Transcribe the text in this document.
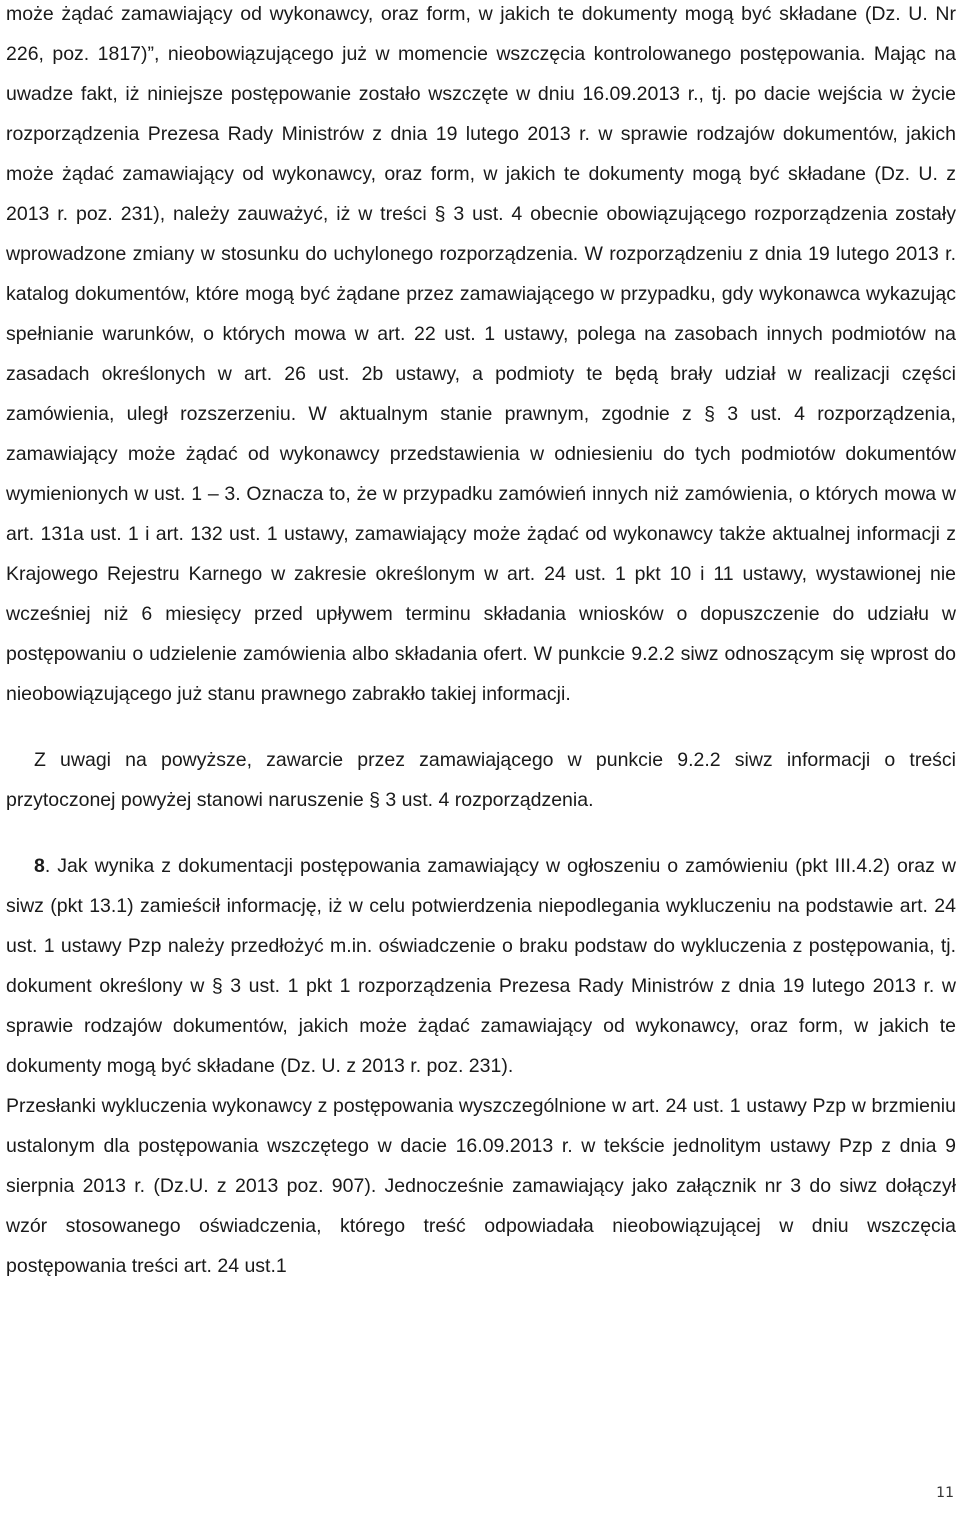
może żądać zamawiający od wykonawcy, oraz form, w jakich te dokumenty mogą być składane (Dz. U. Nr 226, poz. 1817)”, nieobowiązującego już w momencie wszczęcia kontrolowanego postępowania. Mając na uwadze fakt, iż niniejsze postępowanie zostało wszczęte w dniu 16.09.2013 r., tj. po dacie wejścia w życie rozporządzenia Prezesa Rady Ministrów z dnia 19 lutego 2013 r. w sprawie rodzajów dokumentów, jakich może żądać zamawiający od wykonawcy, oraz form, w jakich te dokumenty mogą być składane (Dz. U. z 2013 r. poz. 231), należy zauważyć, iż w treści § 3 ust. 4 obecnie obowiązującego rozporządzenia zostały wprowadzone zmiany w stosunku do uchylonego rozporządzenia. W rozporządzeniu z dnia 19 lutego 2013 r. katalog dokumentów, które mogą być żądane przez zamawiającego w przypadku, gdy wykonawca wykazując spełnianie warunków, o których mowa w art. 22 ust. 1 ustawy, polega na zasobach innych podmiotów na zasadach określonych w art. 26 ust. 2b ustawy, a podmioty te będą brały udział w realizacji części zamówienia, uległ rozszerzeniu. W aktualnym stanie prawnym, zgodnie z § 3 ust. 4 rozporządzenia, zamawiający może żądać od wykonawcy przedstawienia w odniesieniu do tych podmiotów dokumentów wymienionych w ust. 1 – 3. Oznacza to, że w przypadku zamówień innych niż zamówienia, o których mowa w art. 131a ust. 1 i art. 132 ust. 1 ustawy, zamawiający może żądać od wykonawcy także aktualnej informacji z Krajowego Rejestru Karnego w zakresie określonym w art. 24 ust. 1 pkt 10 i 11 ustawy, wystawionej nie wcześniej niż 6 miesięcy przed upływem terminu składania wniosków o dopuszczenie do udziału w postępowaniu o udzielenie zamówienia albo składania ofert. W punkcie 9.2.2 siwz odnoszącym się wprost do nieobowiązującego już stanu prawnego zabrakło takiej informacji.

Z uwagi na powyższe, zawarcie przez zamawiającego w punkcie 9.2.2 siwz informacji o treści przytoczonej powyżej stanowi naruszenie § 3 ust. 4 rozporządzenia.

8. Jak wynika z dokumentacji postępowania zamawiający w ogłoszeniu o zamówieniu (pkt III.4.2) oraz w siwz (pkt 13.1) zamieścił informację, iż w celu potwierdzenia niepodlegania wykluczeniu na podstawie art. 24 ust. 1 ustawy Pzp należy przedłożyć m.in. oświadczenie o braku podstaw do wykluczenia z postępowania, tj. dokument określony w § 3 ust. 1 pkt 1 rozporządzenia Prezesa Rady Ministrów z dnia 19 lutego 2013 r. w sprawie rodzajów dokumentów, jakich może żądać zamawiający od wykonawcy, oraz form, w jakich te dokumenty mogą być składane (Dz. U. z 2013 r. poz. 231).

Przesłanki wykluczenia wykonawcy z postępowania wyszczególnione w art. 24 ust. 1 ustawy Pzp w brzmieniu ustalonym dla postępowania wszczętego w dacie 16.09.2013 r. w tekście jednolitym ustawy Pzp z dnia 9 sierpnia 2013 r. (Dz.U. z 2013 poz. 907). Jednocześnie zamawiający jako załącznik nr 3 do siwz dołączył wzór stosowanego oświadczenia, którego treść odpowiadała nieobowiązującej w dniu wszczęcia postępowania treści art. 24 ust.1

11
